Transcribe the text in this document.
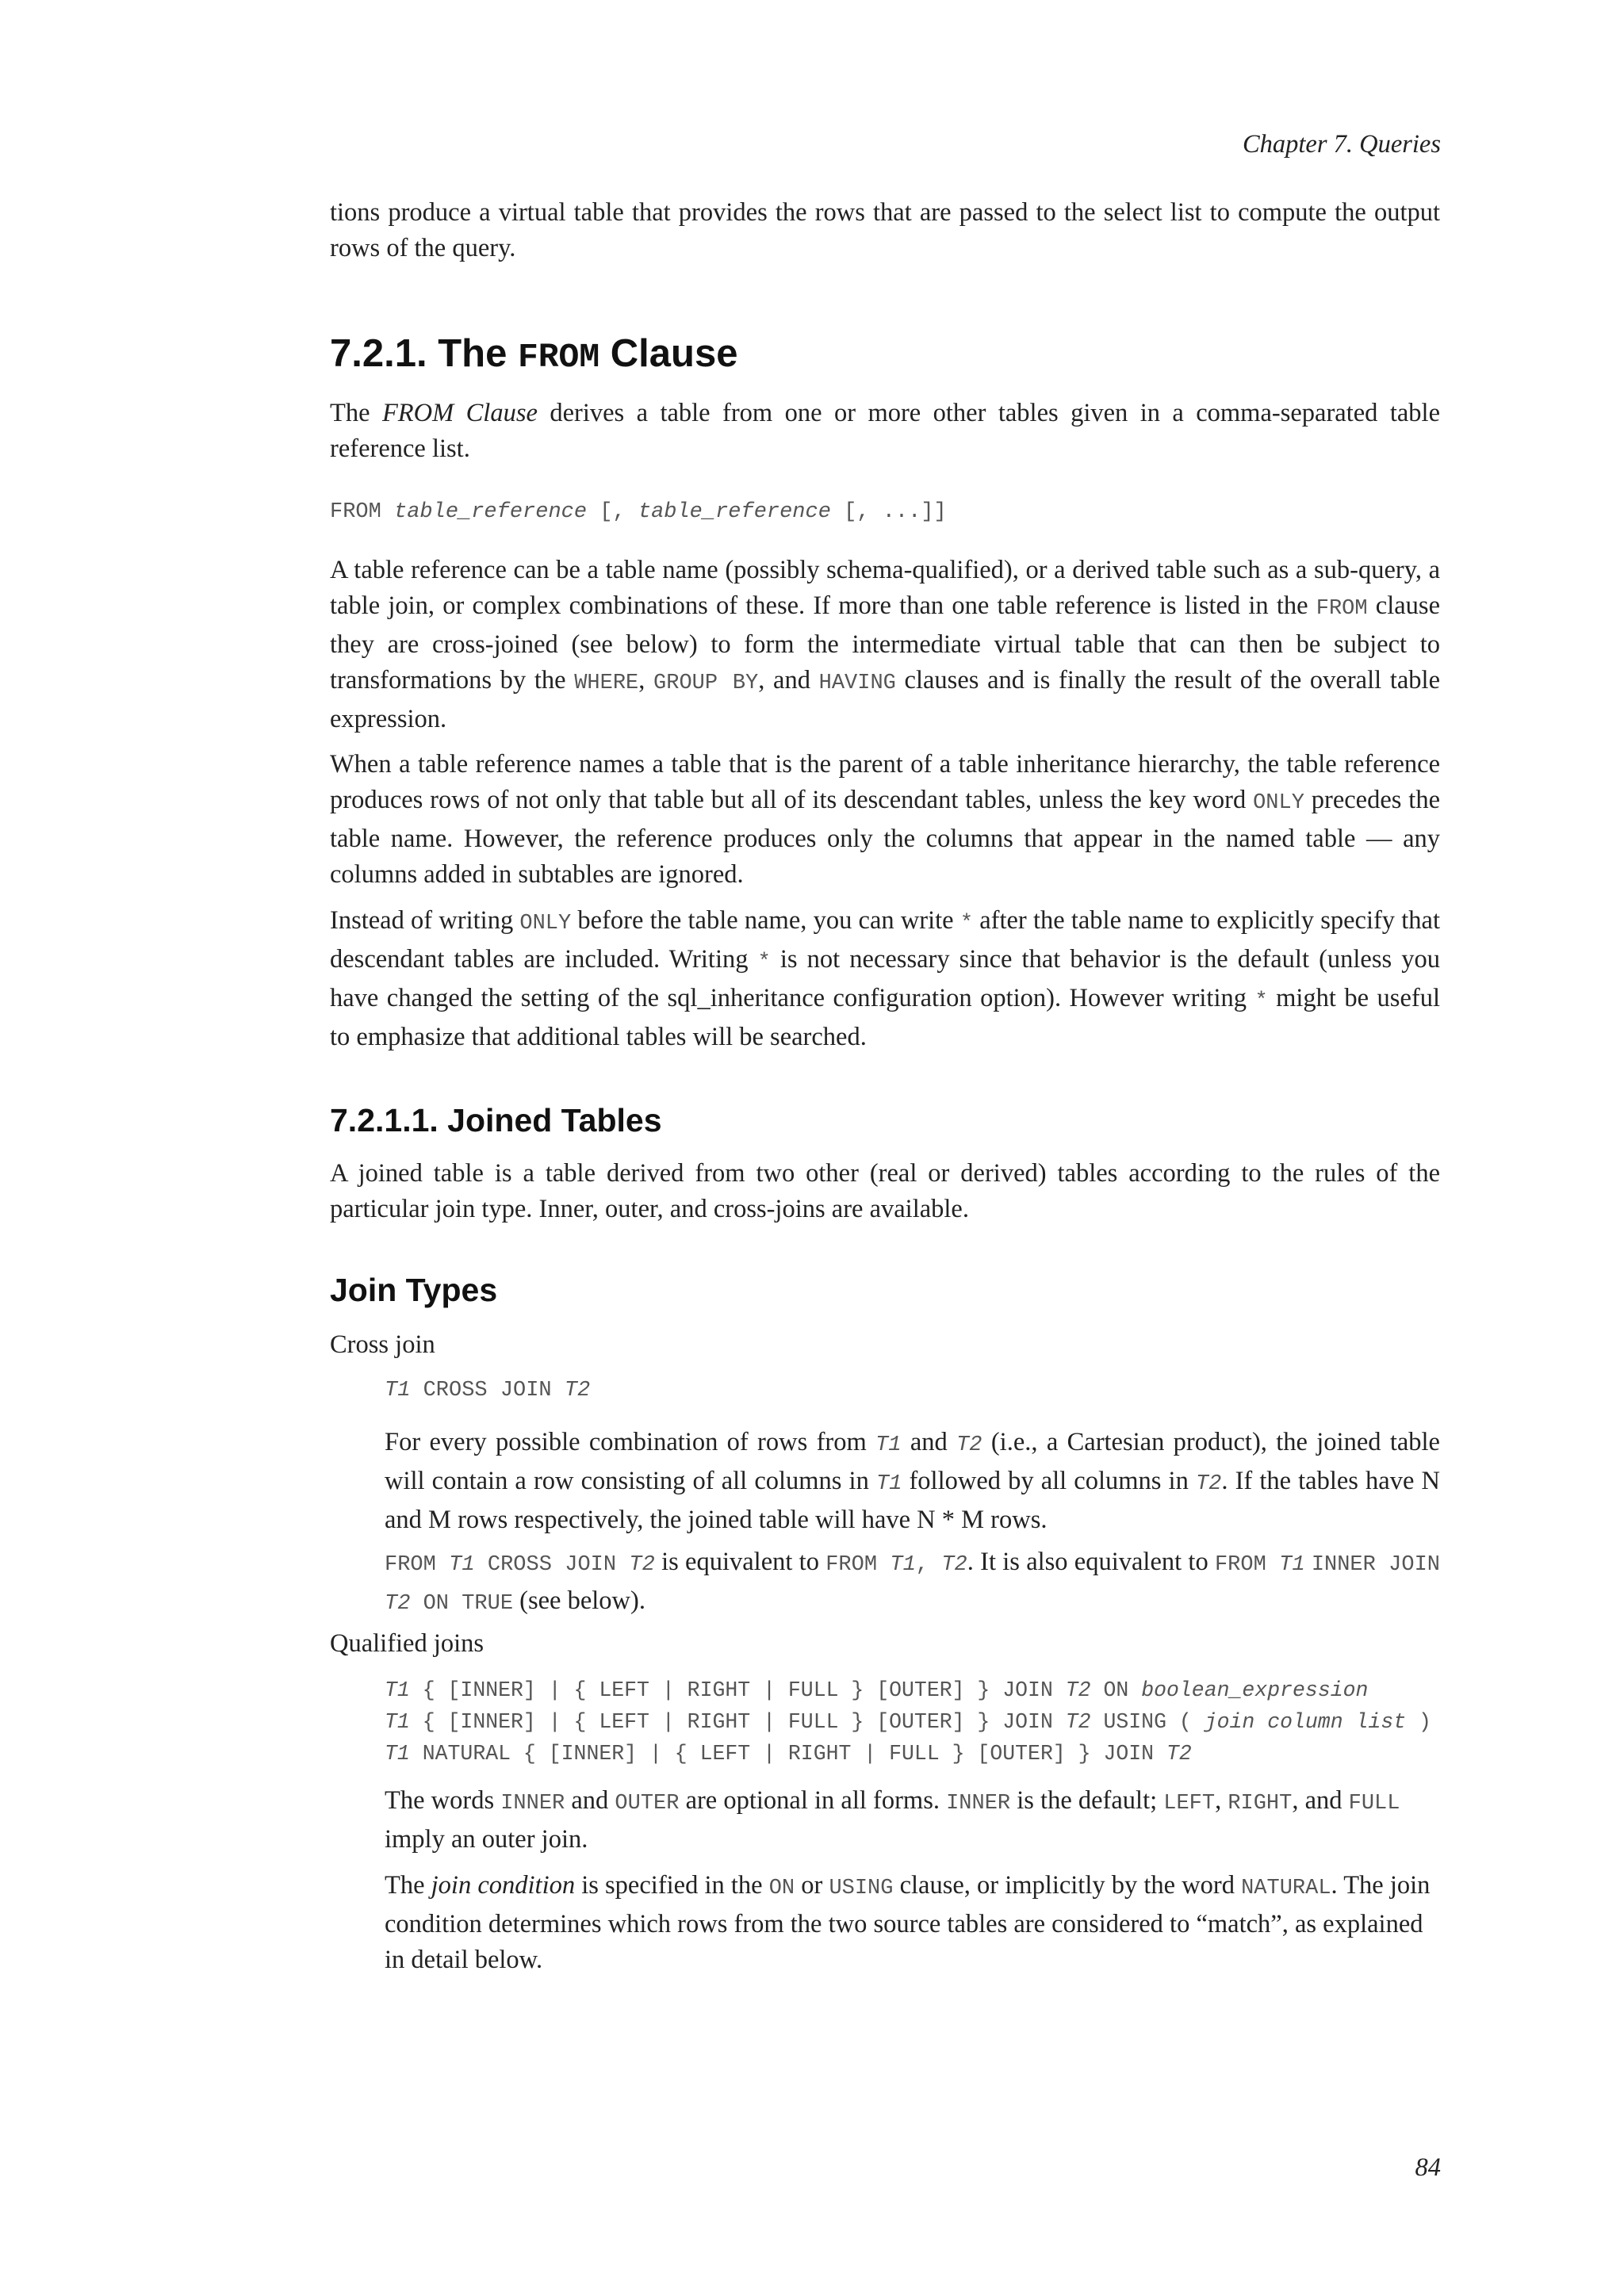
Chapter 7. Queries

tions produce a virtual table that provides the rows that are passed to the select list to compute the output rows of the query.

7.2.1. The FROM Clause

The FROM Clause derives a table from one or more other tables given in a comma-separated table reference list.

FROM table_reference [, table_reference [, ...]]

A table reference can be a table name (possibly schema-qualified), or a derived table such as a sub-query, a table join, or complex combinations of these. If more than one table reference is listed in the FROM clause they are cross-joined (see below) to form the intermediate virtual table that can then be subject to transformations by the WHERE, GROUP BY, and HAVING clauses and is finally the result of the overall table expression.

When a table reference names a table that is the parent of a table inheritance hierarchy, the table reference produces rows of not only that table but all of its descendant tables, unless the key word ONLY precedes the table name. However, the reference produces only the columns that appear in the named table — any columns added in subtables are ignored.

Instead of writing ONLY before the table name, you can write * after the table name to explicitly specify that descendant tables are included. Writing * is not necessary since that behavior is the default (unless you have changed the setting of the sql_inheritance configuration option). However writing * might be useful to emphasize that additional tables will be searched.

7.2.1.1. Joined Tables

A joined table is a table derived from two other (real or derived) tables according to the rules of the particular join type. Inner, outer, and cross-joins are available.

Join Types
Cross join
T1 CROSS JOIN T2

For every possible combination of rows from T1 and T2 (i.e., a Cartesian product), the joined table will contain a row consisting of all columns in T1 followed by all columns in T2. If the tables have N and M rows respectively, the joined table will have N * M rows.

FROM T1 CROSS JOIN T2 is equivalent to FROM T1, T2. It is also equivalent to FROM T1 INNER JOIN T2 ON TRUE (see below).

Qualified joins
T1 { [INNER] | { LEFT | RIGHT | FULL } [OUTER] } JOIN T2 ON boolean_expression
T1 { [INNER] | { LEFT | RIGHT | FULL } [OUTER] } JOIN T2 USING ( join column list )
T1 NATURAL { [INNER] | { LEFT | RIGHT | FULL } [OUTER] } JOIN T2

The words INNER and OUTER are optional in all forms. INNER is the default; LEFT, RIGHT, and FULL imply an outer join.

The join condition is specified in the ON or USING clause, or implicitly by the word NATURAL. The join condition determines which rows from the two source tables are considered to “match”, as explained in detail below.

84
